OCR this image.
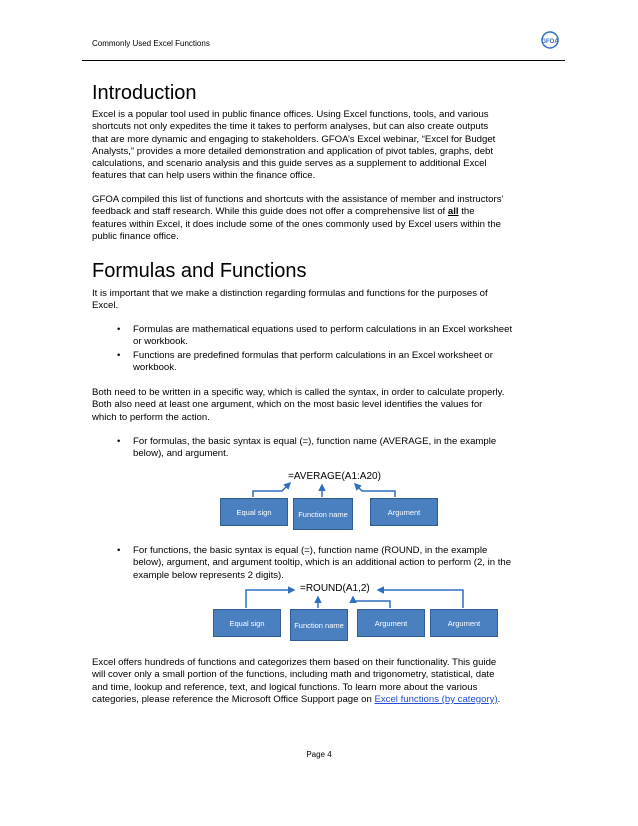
Commonly Used Excel Functions	GFOA
Introduction
Excel is a popular tool used in public finance offices. Using Excel functions, tools, and various
shortcuts not only expedites the time it takes to perform analyses, but can also create outputs
that are more dynamic and engaging to stakeholders. GFOA’s Excel webinar, “Excel for Budget
Analysts,” provides a more detailed demonstration and application of pivot tables, graphs, debt
calculations, and scenario analysis and this guide serves as a supplement to additional Excel
features that can help users within the finance office.
GFOA compiled this list of functions and shortcuts with the assistance of member and instructors’
feedback and staff research. While this guide does not offer a comprehensive list of all the
features within Excel, it does include some of the ones commonly used by Excel users within the
public finance office.
Formulas and Functions
It is important that we make a distinction regarding formulas and functions for the purposes of
Excel.
• Formulas are mathematical equations used to perform calculations in an Excel worksheet
or workbook.
• Functions are predefined formulas that perform calculations in an Excel worksheet or
workbook.
Both need to be written in a specific way, which is called the syntax, in order to calculate properly.
Both also need at least one argument, which on the most basic level identifies the values for
which to perform the action.
• For formulas, the basic syntax is equal (=), function name (AVERAGE, in the example
below), and argument.
=AVERAGE(A1:A20)
Equal sign	Function name	Argument
• For functions, the basic syntax is equal (=), function name (ROUND, in the example
below), argument, and argument tooltip, which is an additional action to perform (2, in the
example below represents 2 digits).
=ROUND(A1,2)
Equal sign	Function name	Argument	Argument
Excel offers hundreds of functions and categorizes them based on their functionality. This guide
will cover only a small portion of the functions, including math and trigonometry, statistical, date
and time, lookup and reference, text, and logical functions. To learn more about the various
categories, please reference the Microsoft Office Support page on Excel functions (by category).
Page 4
